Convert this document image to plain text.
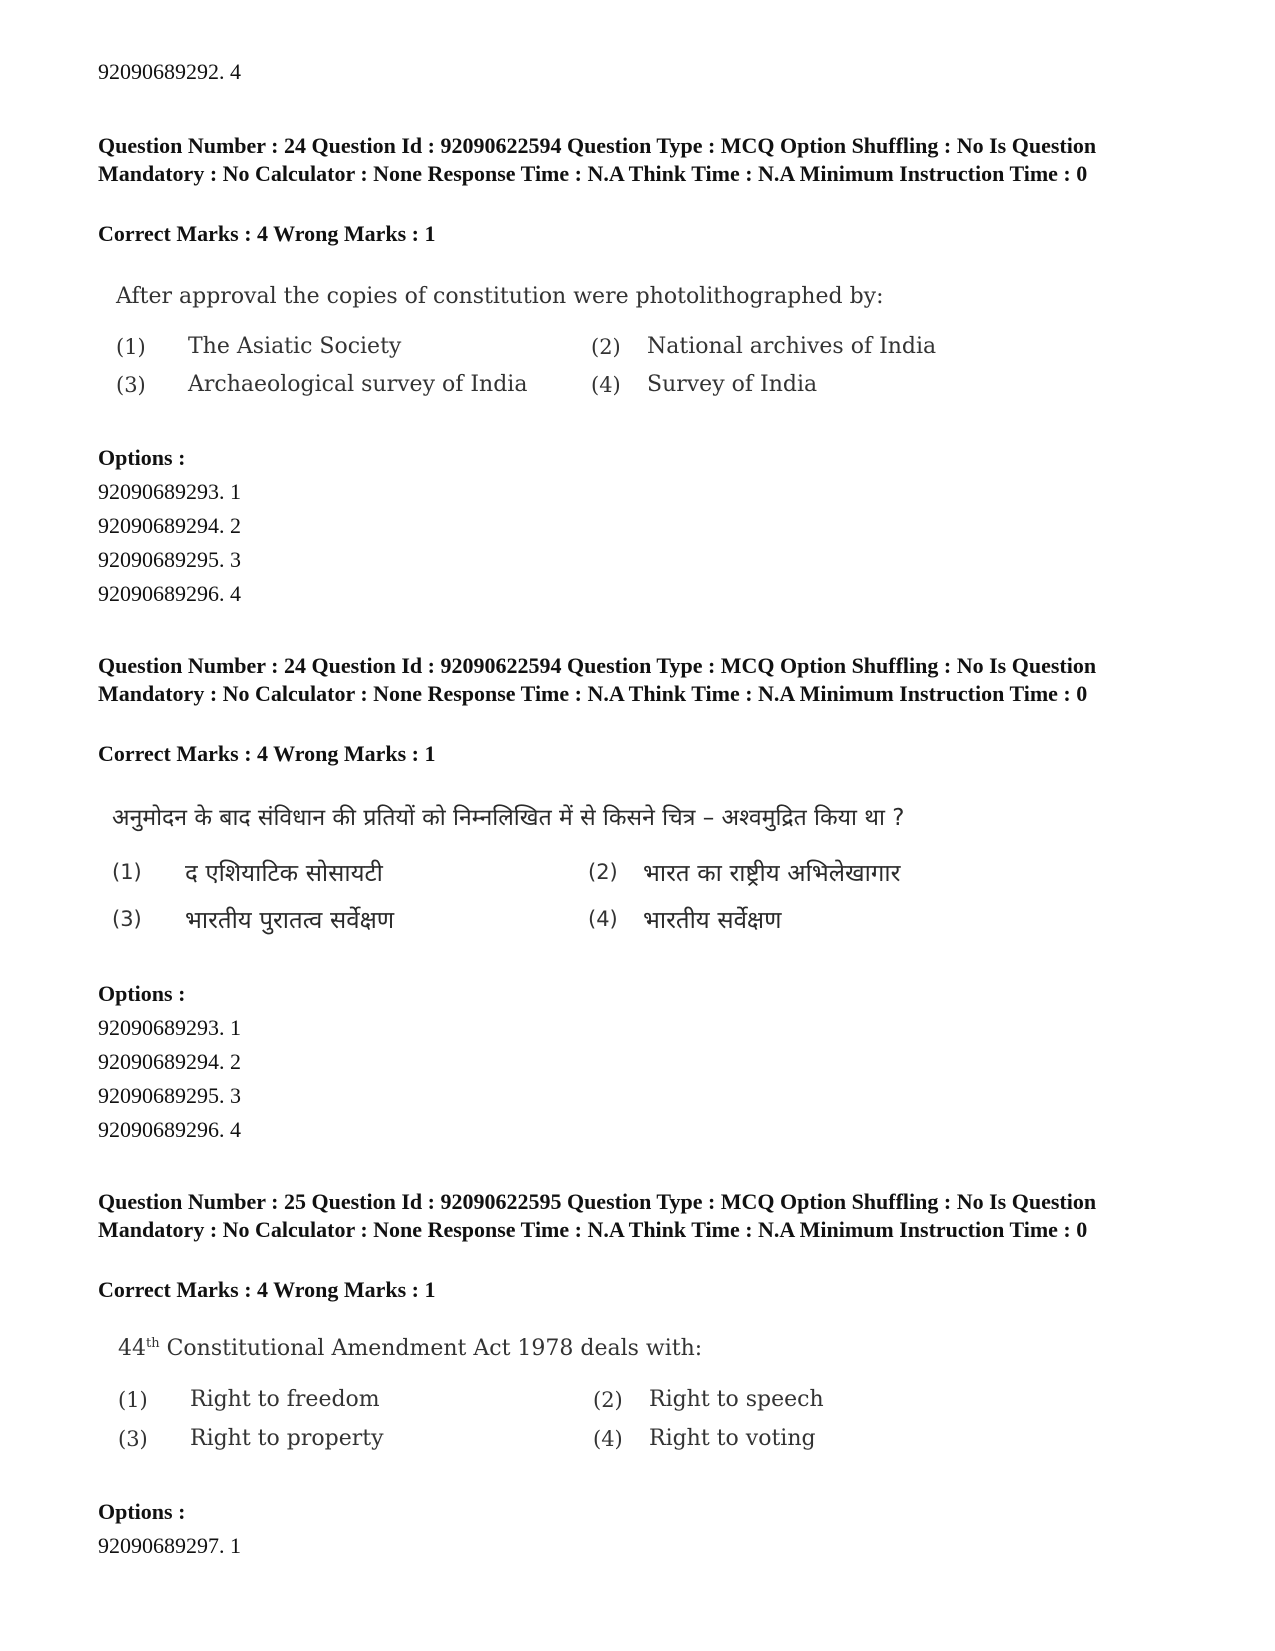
92090689292. 4
Question Number : 24 Question Id : 92090622594 Question Type : MCQ Option Shuffling : No Is Question Mandatory : No Calculator : None Response Time : N.A Think Time : N.A Minimum Instruction Time : 0
Correct Marks : 4 Wrong Marks : 1
After approval the copies of constitution were photolithographed by:
(1) The Asiatic Society	(2) National archives of India
(3) Archaeological survey of India	(4) Survey of India
Options :
92090689293. 1
92090689294. 2
92090689295. 3
92090689296. 4
Question Number : 24 Question Id : 92090622594 Question Type : MCQ Option Shuffling : No Is Question Mandatory : No Calculator : None Response Time : N.A Think Time : N.A Minimum Instruction Time : 0
Correct Marks : 4 Wrong Marks : 1
अनुमोदन के बाद संविधान की प्रतियों को निम्नलिखित में से किसने चित्र – अश्वमुद्रित किया था ?
(1) द एशियाटिक सोसायटी	(2) भारत का राष्ट्रीय अभिलेखागार
(3) भारतीय पुरातत्व सर्वेक्षण	(4) भारतीय सर्वेक्षण
Options :
92090689293. 1
92090689294. 2
92090689295. 3
92090689296. 4
Question Number : 25 Question Id : 92090622595 Question Type : MCQ Option Shuffling : No Is Question Mandatory : No Calculator : None Response Time : N.A Think Time : N.A Minimum Instruction Time : 0
Correct Marks : 4 Wrong Marks : 1
44th Constitutional Amendment Act 1978 deals with:
(1) Right to freedom	(2) Right to speech
(3) Right to property	(4) Right to voting
Options :
92090689297. 1
